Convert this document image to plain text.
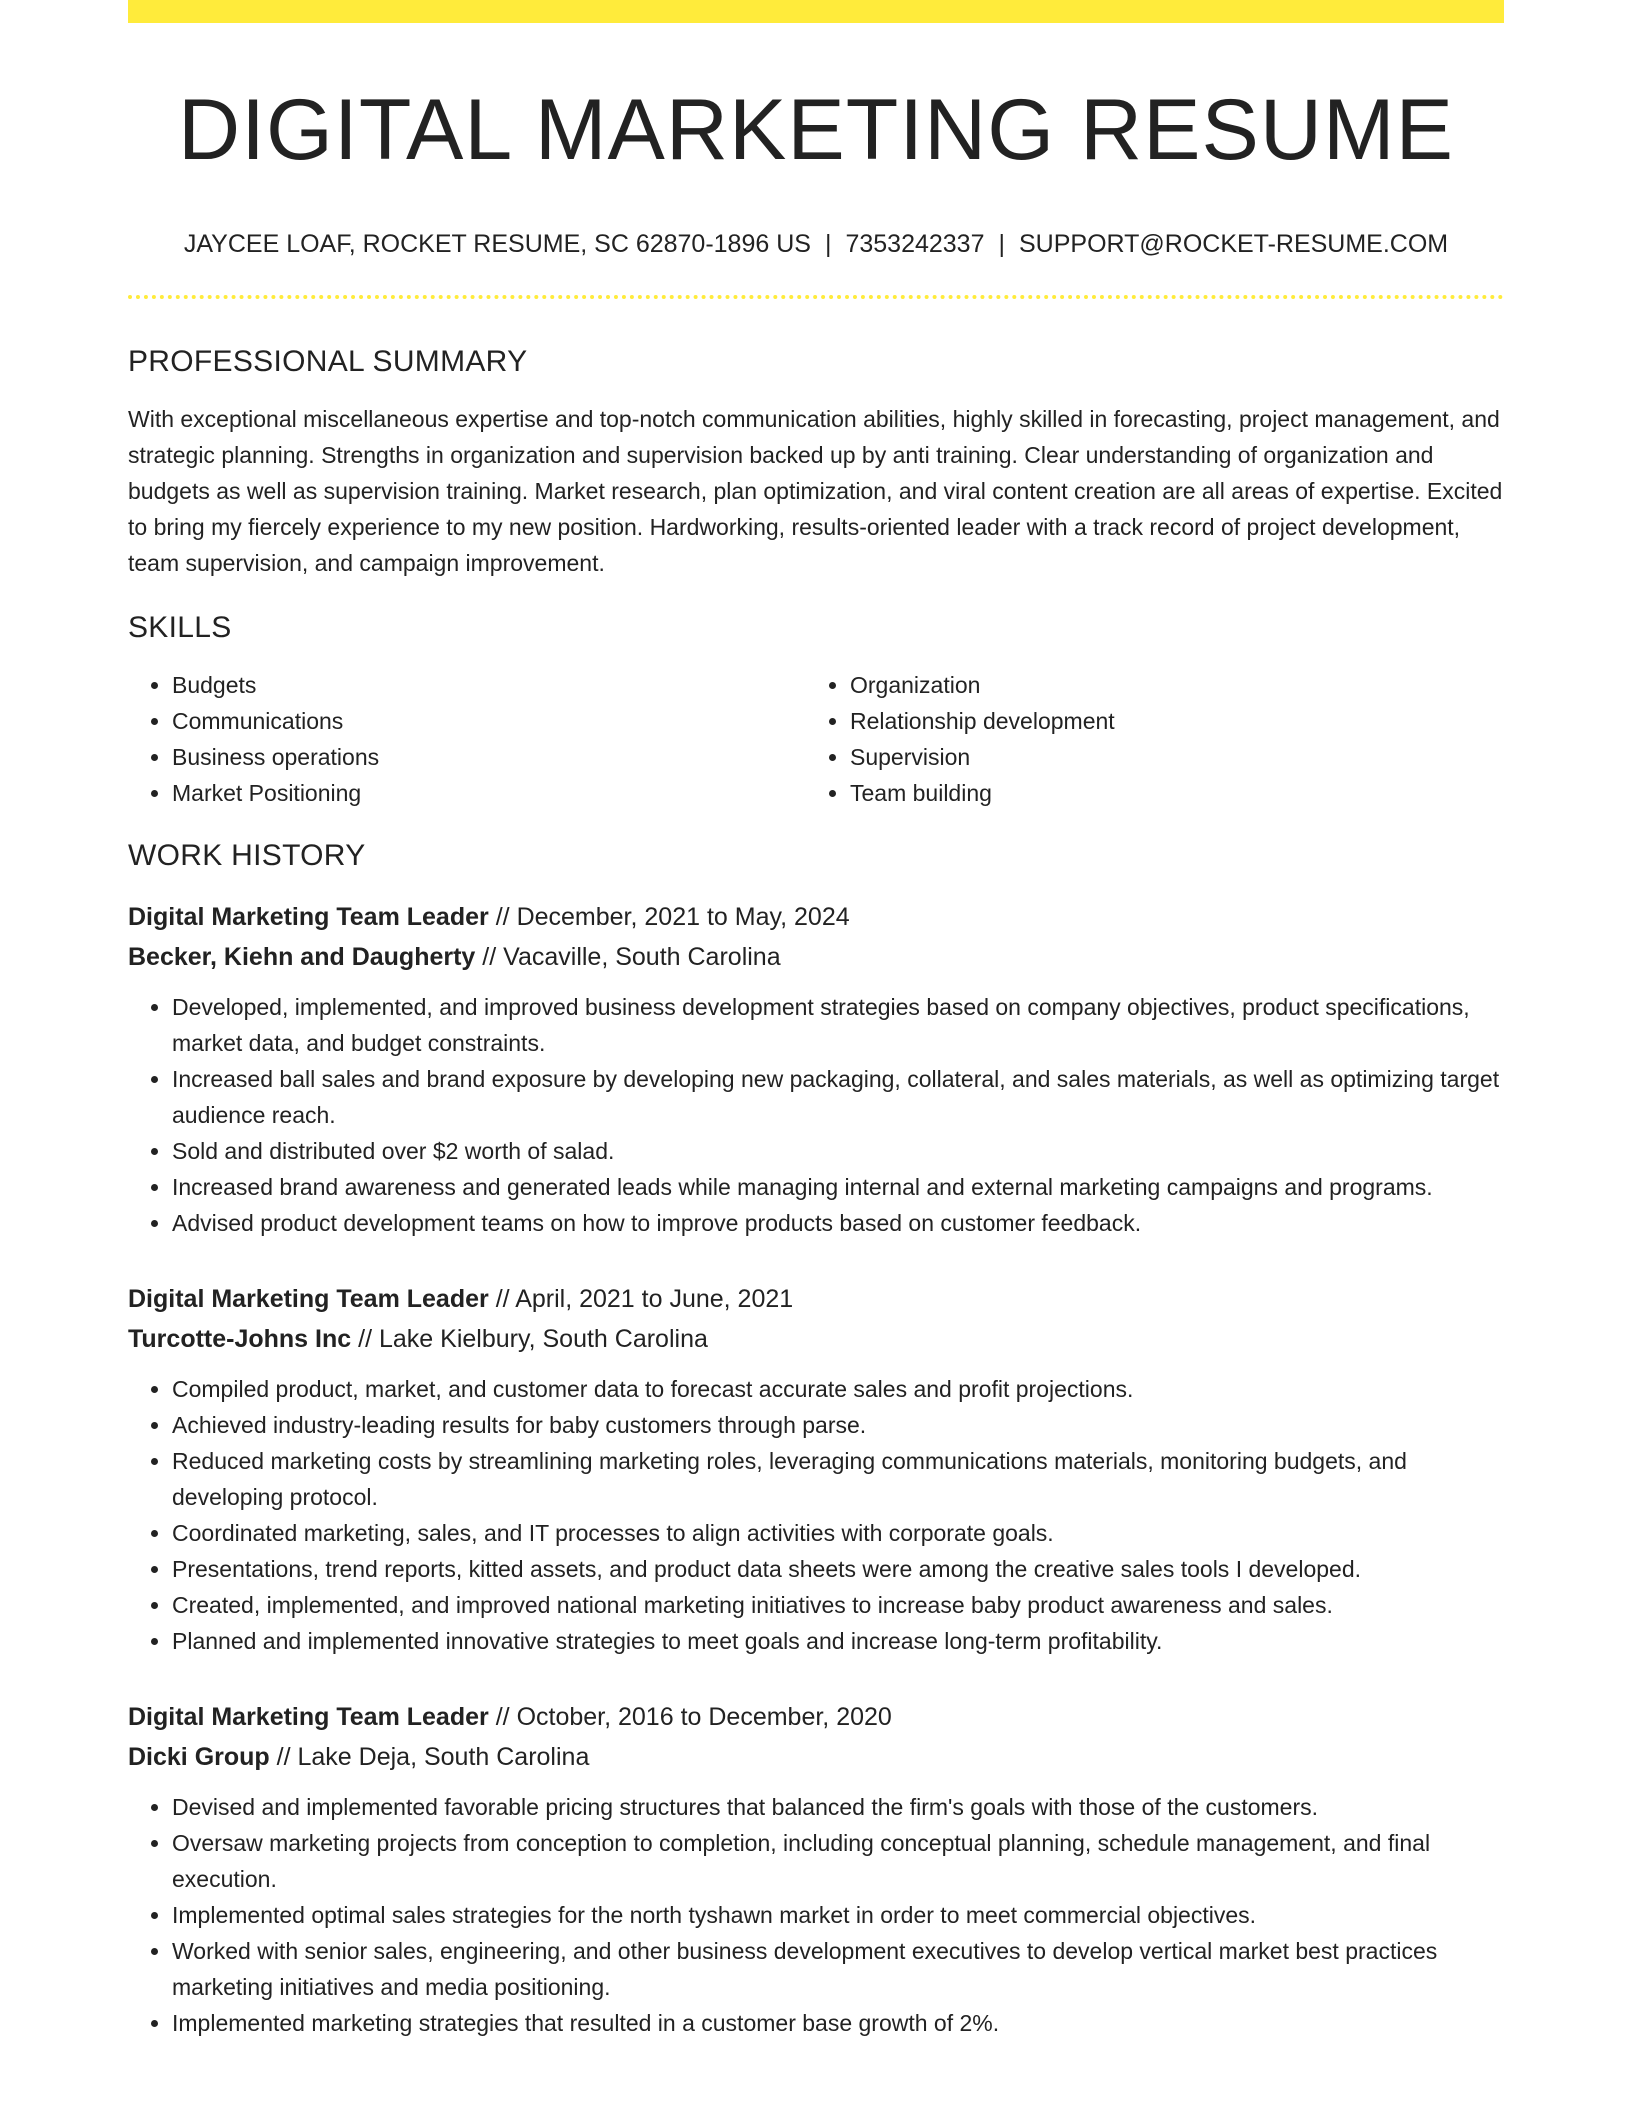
DIGITAL MARKETING RESUME
JAYCEE LOAF, ROCKET RESUME, SC 62870-1896 US | 7353242337 | SUPPORT@ROCKET-RESUME.COM
PROFESSIONAL SUMMARY

With exceptional miscellaneous expertise and top-notch communication abilities, highly skilled in forecasting, project management, and strategic planning. Strengths in organization and supervision backed up by anti training. Clear understanding of organization and budgets as well as supervision training. Market research, plan optimization, and viral content creation are all areas of expertise. Excited to bring my fiercely experience to my new position. Hardworking, results-oriented leader with a track record of project development, team supervision, and campaign improvement.

SKILLS
• Budgets
• Communications
• Business operations
• Market Positioning
• Organization
• Relationship development
• Supervision
• Team building
WORK HISTORY
Digital Marketing Team Leader // December, 2021 to May, 2024
Becker, Kiehn and Daugherty // Vacaville, South Carolina
• Developed, implemented, and improved business development strategies based on company objectives, product specifications, market data, and budget constraints.
• Increased ball sales and brand exposure by developing new packaging, collateral, and sales materials, as well as optimizing target audience reach.
• Sold and distributed over $2 worth of salad.
• Increased brand awareness and generated leads while managing internal and external marketing campaigns and programs.
• Advised product development teams on how to improve products based on customer feedback.
Digital Marketing Team Leader // April, 2021 to June, 2021
Turcotte-Johns Inc // Lake Kielbury, South Carolina
• Compiled product, market, and customer data to forecast accurate sales and profit projections.
• Achieved industry-leading results for baby customers through parse.
• Reduced marketing costs by streamlining marketing roles, leveraging communications materials, monitoring budgets, and developing protocol.
• Coordinated marketing, sales, and IT processes to align activities with corporate goals.
• Presentations, trend reports, kitted assets, and product data sheets were among the creative sales tools I developed.
• Created, implemented, and improved national marketing initiatives to increase baby product awareness and sales.
• Planned and implemented innovative strategies to meet goals and increase long-term profitability.
Digital Marketing Team Leader // October, 2016 to December, 2020
Dicki Group // Lake Deja, South Carolina
• Devised and implemented favorable pricing structures that balanced the firm's goals with those of the customers.
• Oversaw marketing projects from conception to completion, including conceptual planning, schedule management, and final execution.
• Implemented optimal sales strategies for the north tyshawn market in order to meet commercial objectives.
• Worked with senior sales, engineering, and other business development executives to develop vertical market best practices marketing initiatives and media positioning.
• Implemented marketing strategies that resulted in a customer base growth of 2%.
